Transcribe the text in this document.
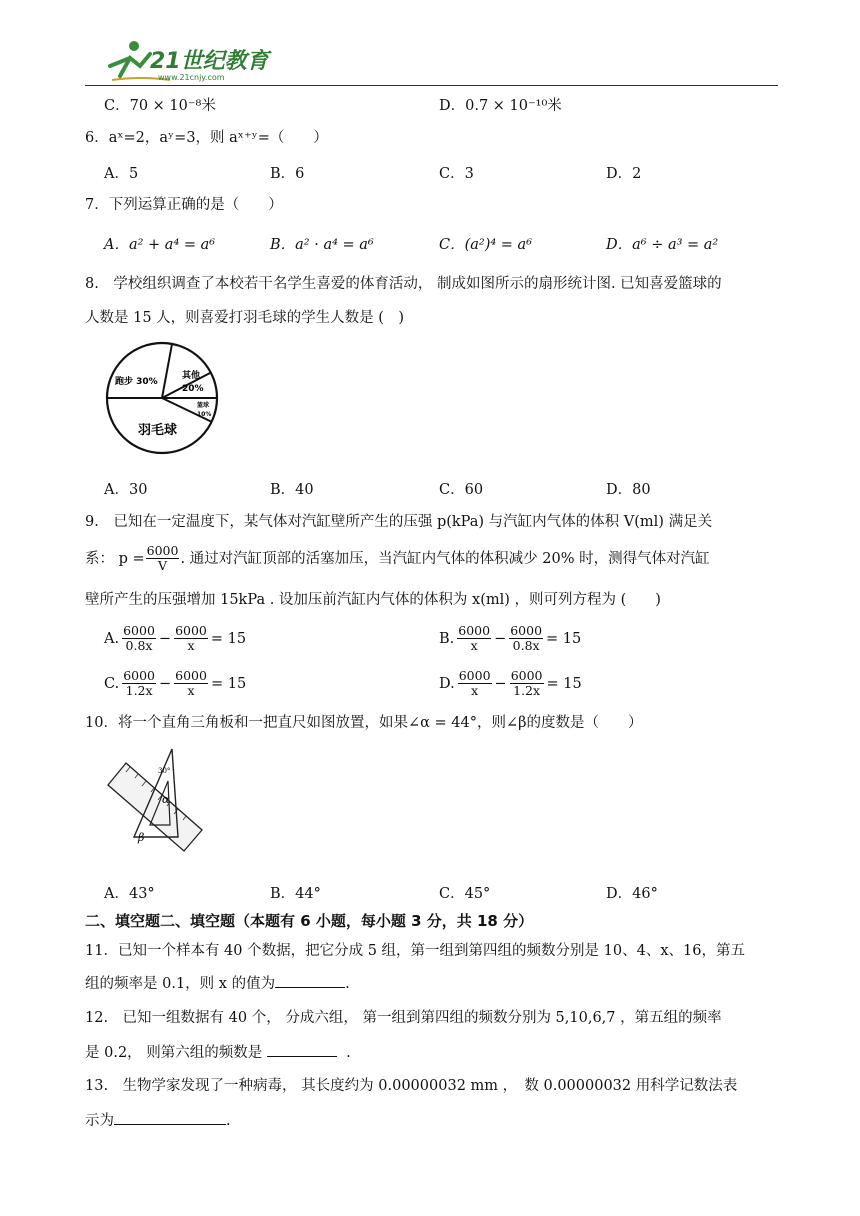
21世纪教育
www.21cnjy.com
C．70 × 10⁻⁸米	D．0.7 × 10⁻¹⁰米
6．aˣ=2，aʸ=3，则 aˣ⁺ʸ=（　　）
A．5	B．6	C．3	D．2
7．下列运算正确的是（　　）
A．a² + a⁴ = a⁶	B．a² · a⁴ = a⁶	C．(a²)⁴ = a⁶	D．a⁶ ÷ a³ = a²
8.　学校组织调查了本校若干名学生喜爱的体育活动， 制成如图所示的扇形统计图. 已知喜爱篮球的
人数是 15 人，则喜爱打羽毛球的学生人数是 (　)
跑步 30%
其他
20%
篮球
10%
羽毛球
A．30	B．40	C．60	D．80
9.　已知在一定温度下，某气体对汽缸壁所产生的压强 p(kPa) 与汽缸内气体的体积 V(ml) 满足关
系： $p = \frac{6000}{V}$ . 通过对汽缸顶部的活塞加压，当汽缸内气体的体积减少 20% 时，测得气体对汽缸
壁所产生的压强增加 15kPa . 设加压前汽缸内气体的体积为 x(ml) ，则可列方程为 (　　)
A. $\frac{6000}{0.8x} - \frac{6000}{x} = 15$	B. $\frac{6000}{x} - \frac{6000}{0.8x} = 15$
C. $\frac{6000}{1.2x} - \frac{6000}{x} = 15$	D. $\frac{6000}{x} - \frac{6000}{1.2x} = 15$
10．将一个直角三角板和一把直尺如图放置，如果∠α = 44°，则∠β的度数是（　　）
30°
α
β
A．43°	B．44°	C．45°	D．46°
二、填空题二、填空题（本题有 6 小题，每小题 3 分，共 18 分）
11．已知一个样本有 40 个数据，把它分成 5 组，第一组到第四组的频数分别是 10、4、x、16，第五
组的频率是 0.1，则 x 的值为	.
12.　已知一组数据有 40 个， 分成六组， 第一组到第四组的频数分别为 5,10,6,7 ，第五组的频率
是 0.2， 则第六组的频数是	.
13.　生物学家发现了一种病毒， 其长度约为 0.00000032 mm ，　数 0.00000032 用科学记数法表
示为	.
